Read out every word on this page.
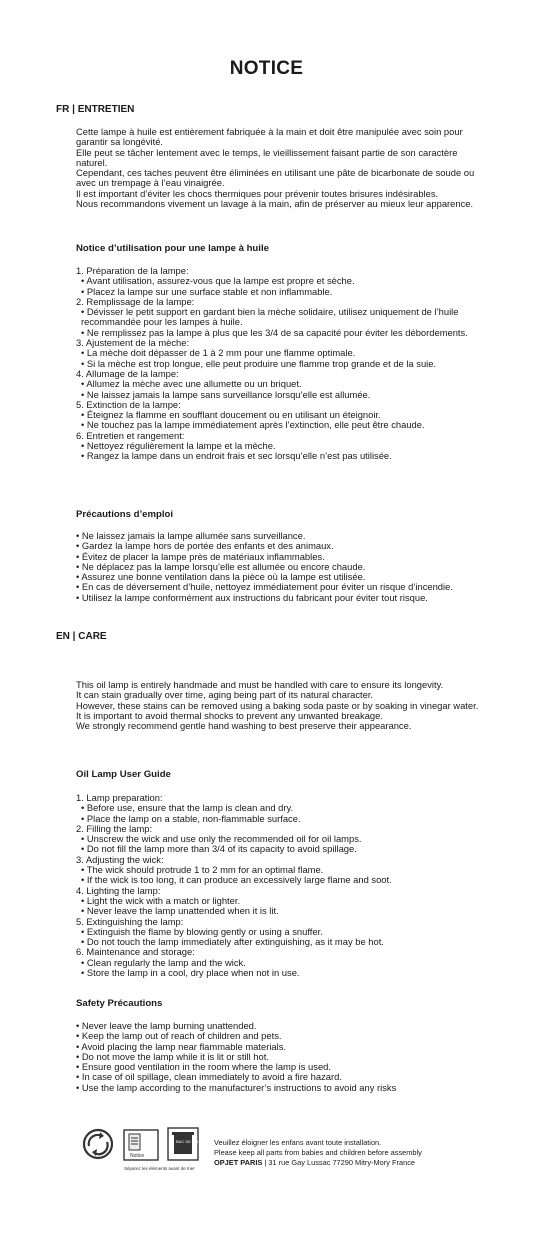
NOTICE
FR | ENTRETIEN

Cette lampe à huile est entièrement fabriquée à la main et doit être manipulée avec soin pour garantir sa longévité.

Elle peut se tâcher lentement avec le temps, le vieillissement faisant partie de son caractère naturel.

Cependant, ces taches peuvent être éliminées en utilisant une pâte de bicarbonate de soude ou avec un trempage à l’eau vinaigrée.

Il est important d’éviter les chocs thermiques pour prévenir toutes brisures indésirables.

Nous recommandons vivement un lavage à la main, afin de préserver au mieux leur apparence.

Notice d’utilisation pour une lampe à huile

1. Préparation de la lampe:

• Avant utilisation, assurez-vous que la lampe est propre et sèche.

• Placez la lampe sur une surface stable et non inflammable.

2. Remplissage de la lampe:

• Dévisser le petit support en gardant bien la mèche solidaire, utilisez uniquement de l’huile recommandée pour les lampes à huile.

• Ne remplissez pas la lampe à plus que les 3/4 de sa capacité pour éviter les débordements.

3. Ajustement de la mèche:

• La mèche doit dépasser de 1 à 2 mm pour une flamme optimale.

• Si la mèche est trop longue, elle peut produire une flamme trop grande et de la suie.

4. Allumage de la lampe:

• Allumez la mèche avec une allumette ou un briquet.

• Ne laissez jamais la lampe sans surveillance lorsqu’elle est allumée.

5. Extinction de la lampe:

• Éteignez la flamme en soufflant doucement ou en utilisant un éteignoir.

• Ne touchez pas la lampe immédiatement après l’extinction, elle peut être chaude.

6. Entretien et rangement:

• Nettoyez régulièrement la lampe et la mèche.

• Rangez la lampe dans un endroit frais et sec lorsqu’elle n’est pas utilisée.

Précautions d’emploi

• Ne laissez jamais la lampe allumée sans surveillance.

• Gardez la lampe hors de portée des enfants et des animaux.

• Évitez de placer la lampe près de matériaux inflammables.

• Ne déplacez pas la lampe lorsqu’elle est allumée ou encore chaude.

• Assurez une bonne ventilation dans la pièce où la lampe est utilisée.

• En cas de déversement d’huile, nettoyez immédiatement pour éviter un risque d’incendie.

• Utilisez la lampe conformément aux instructions du fabricant pour éviter tout risque.

EN | CARE

This oil lamp is entirely handmade and must be handled with care to ensure its longevity.

It can stain gradually over time, aging being part of its natural character.

However, these stains can be removed using a baking soda paste or by soaking in vinegar water.

It is important to avoid thermal shocks to prevent any unwanted breakage.

We strongly recommend gentle hand washing to best preserve their appearance.

Oil Lamp User Guide

1. Lamp preparation:

• Before use, ensure that the lamp is clean and dry.

• Place the lamp on a stable, non-flammable surface.

2. Filling the lamp:

• Unscrew the wick and use only the recommended oil for oil lamps.

• Do not fill the lamp more than 3/4 of its capacity to avoid spillage.

3. Adjusting the wick:

• The wick should protrude 1 to 2 mm for an optimal flame.

• If the wick is too long, it can produce an excessively large flame and soot.

4. Lighting the lamp:

• Light the wick with a match or lighter.

• Never leave the lamp unattended when it is lit.

5. Extinguishing the lamp:

• Extinguish the flame by blowing gently or using a snuffer.

• Do not touch the lamp immediately after extinguishing, as it may be hot.

6. Maintenance and storage:

• Clean regularly the lamp and the wick.

• Store the lamp in a cool, dry place when not in use.

Safety Précautions

• Never leave the lamp burning unattended.

• Keep the lamp out of reach of children and pets.

• Avoid placing the lamp near flammable materials.

• Do not move the lamp while it is lit or still hot.

• Ensure good ventilation in the room where the lamp is used.

• In case of oil spillage, clean immediately to avoid a fire hazard.

• Use the lamp according to the manufacturer’s instructions to avoid any risks

Notice
BAC DE TRI
Séparez les éléments avant de trier
Veuillez éloigner les enfans avant toute installation.
Please keep all parts from babies and children before assembly
OPJET PARIS | 31 rue Gay Lussac 77290 Mitry-Mory France
